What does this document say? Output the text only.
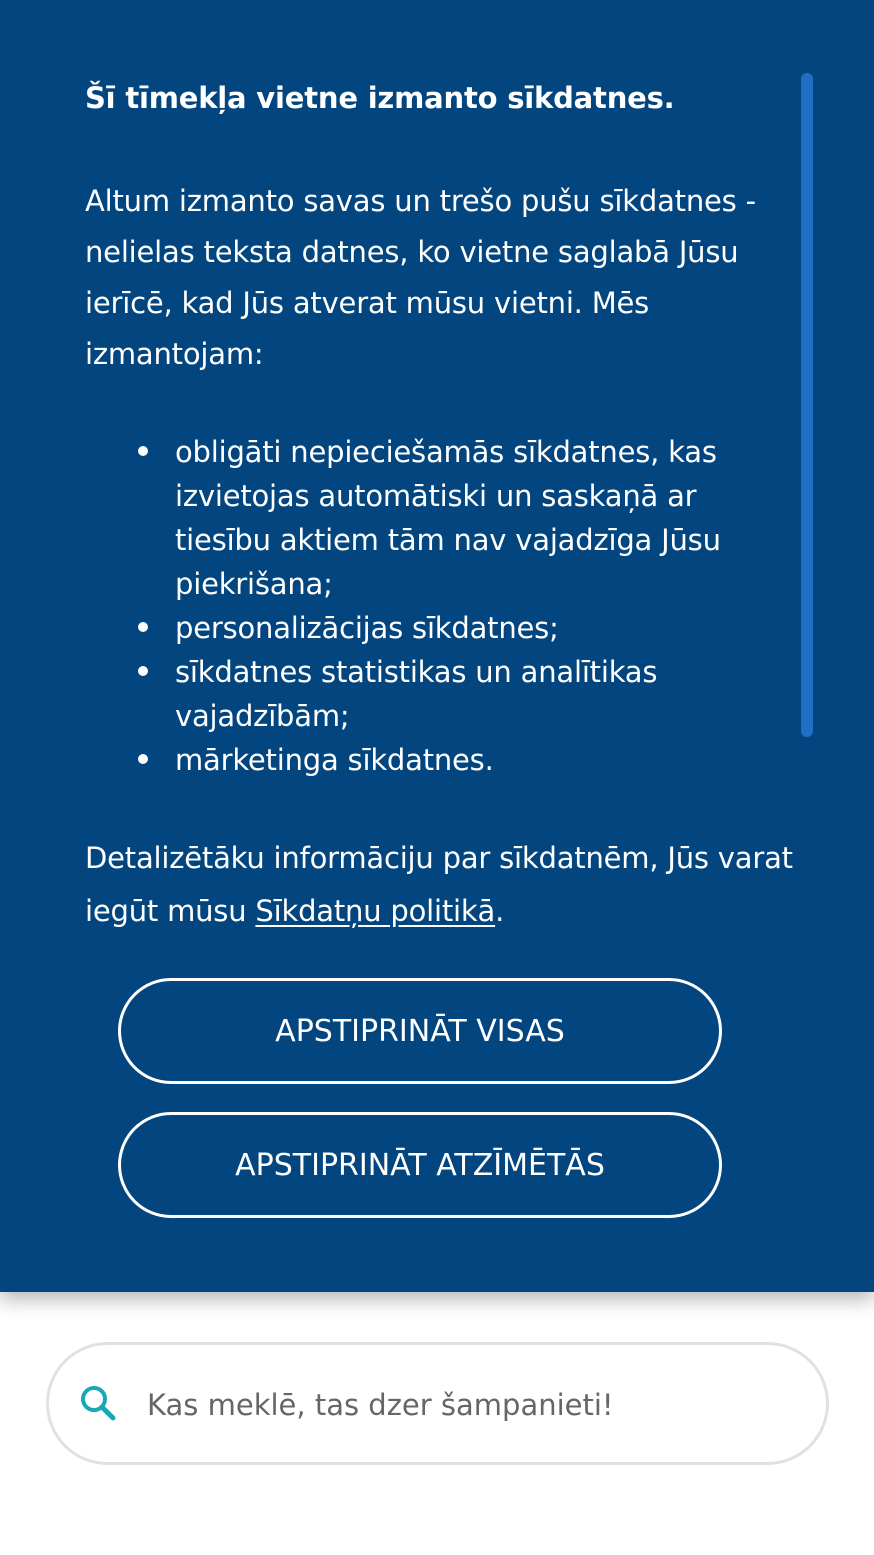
Šī tīmekļa vietne izmanto sīkdatnes.

Altum izmanto savas un trešo pušu sīkdatnes - nelielas teksta datnes, ko vietne saglabā Jūsu ierīcē, kad Jūs atverat mūsu vietni. Mēs izmantojam:

obligāti nepieciešamās sīkdatnes, kas izvietojas automātiski un saskaņā ar tiesību aktiem tām nav vajadzīga Jūsu piekrišana;
personalizācijas sīkdatnes;
sīkdatnes statistikas un analītikas vajadzībām;
mārketinga sīkdatnes.

Detalizētāku informāciju par sīkdatnēm, Jūs varat iegūt mūsu Sīkdatņu politikā.

APSTIPRINĀT VISAS
APSTIPRINĀT ATZĪMĒTĀS
Kas meklē, tas dzer šampanieti!
